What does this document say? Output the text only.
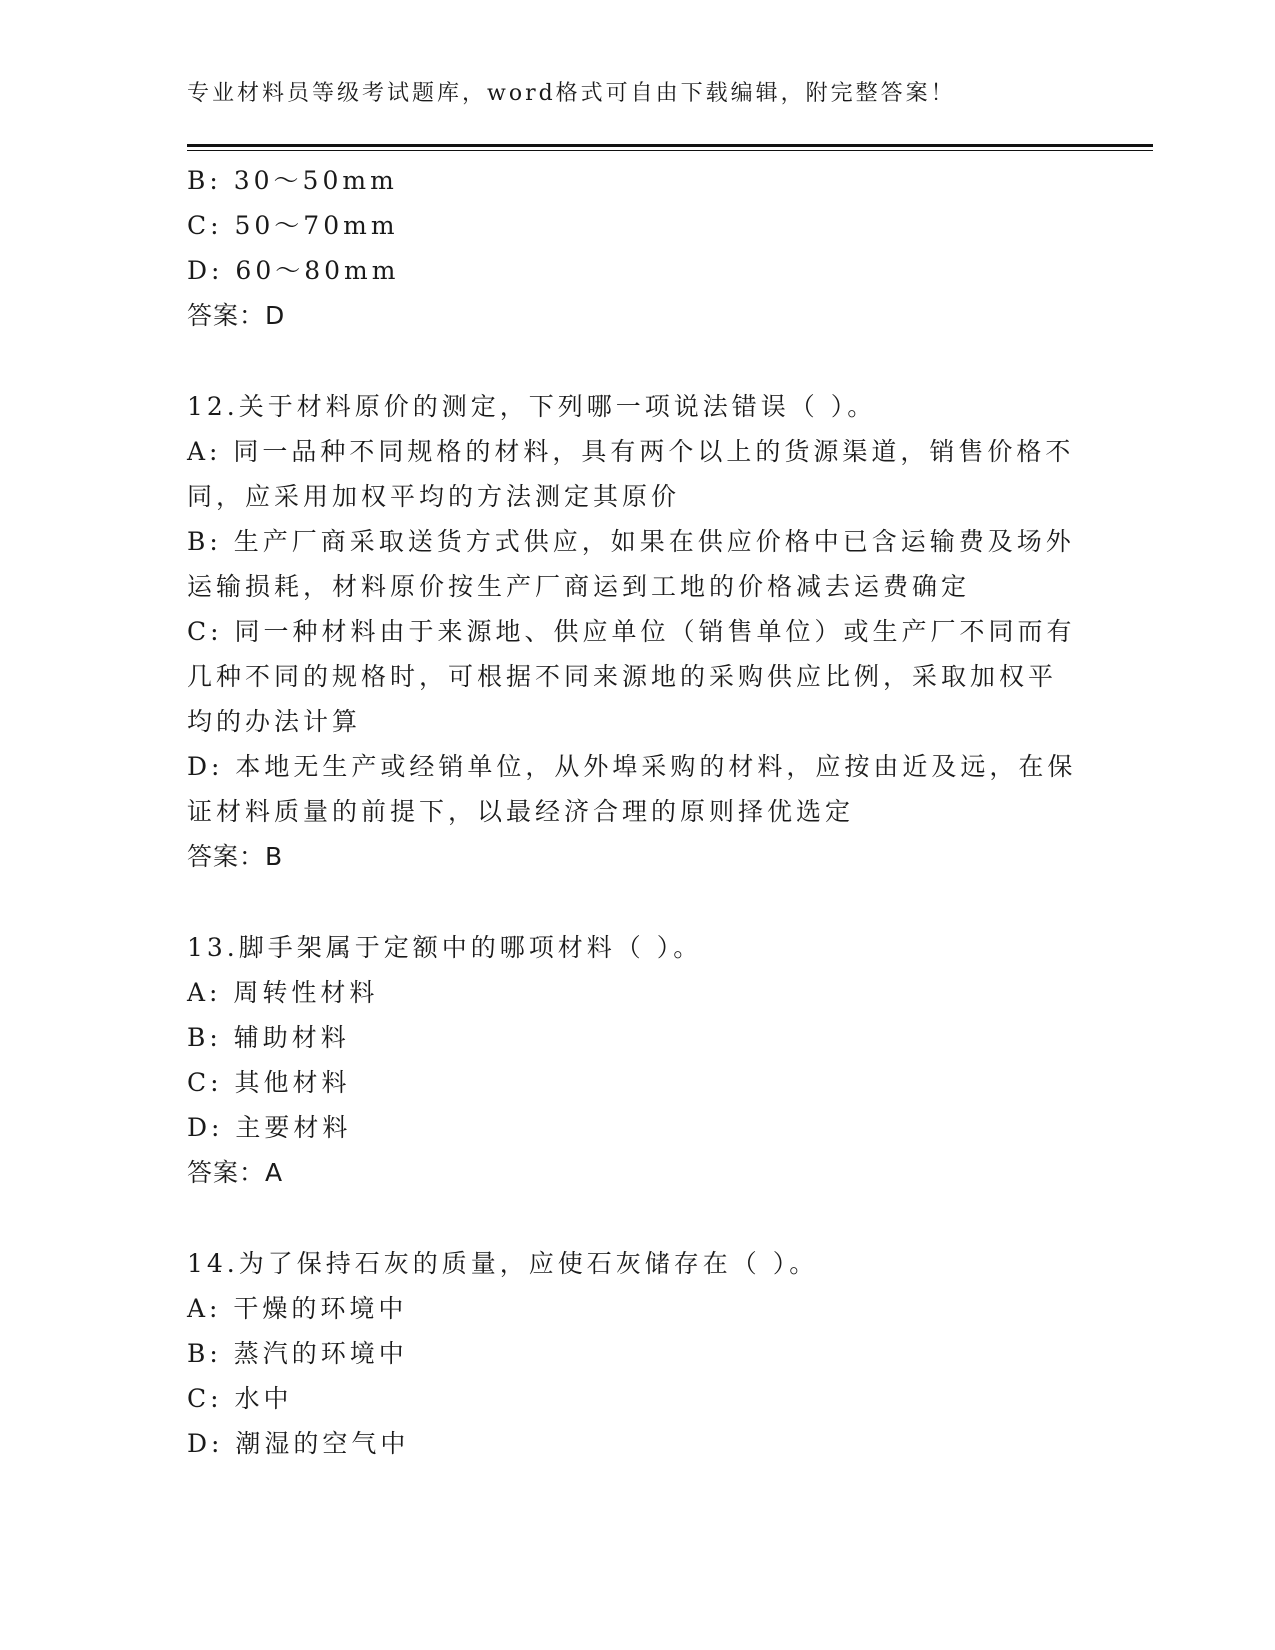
专业材料员等级考试题库，word格式可自由下载编辑，附完整答案！
B: 30～50mm
C: 50～70mm
D: 60～80mm
答案：D
12.关于材料原价的测定，下列哪一项说法错误（ ）。
A: 同一品种不同规格的材料，具有两个以上的货源渠道，销售价格不
同，应采用加权平均的方法测定其原价
B: 生产厂商采取送货方式供应，如果在供应价格中已含运输费及场外
运输损耗，材料原价按生产厂商运到工地的价格减去运费确定
C: 同一种材料由于来源地、供应单位（销售单位）或生产厂不同而有
几种不同的规格时，可根据不同来源地的采购供应比例，采取加权平
均的办法计算
D: 本地无生产或经销单位，从外埠采购的材料，应按由近及远，在保
证材料质量的前提下，以最经济合理的原则择优选定
答案：B
13.脚手架属于定额中的哪项材料（ ）。
A: 周转性材料
B: 辅助材料
C: 其他材料
D: 主要材料
答案：A
14.为了保持石灰的质量，应使石灰储存在（ ）。
A: 干燥的环境中
B: 蒸汽的环境中
C: 水中
D: 潮湿的空气中
